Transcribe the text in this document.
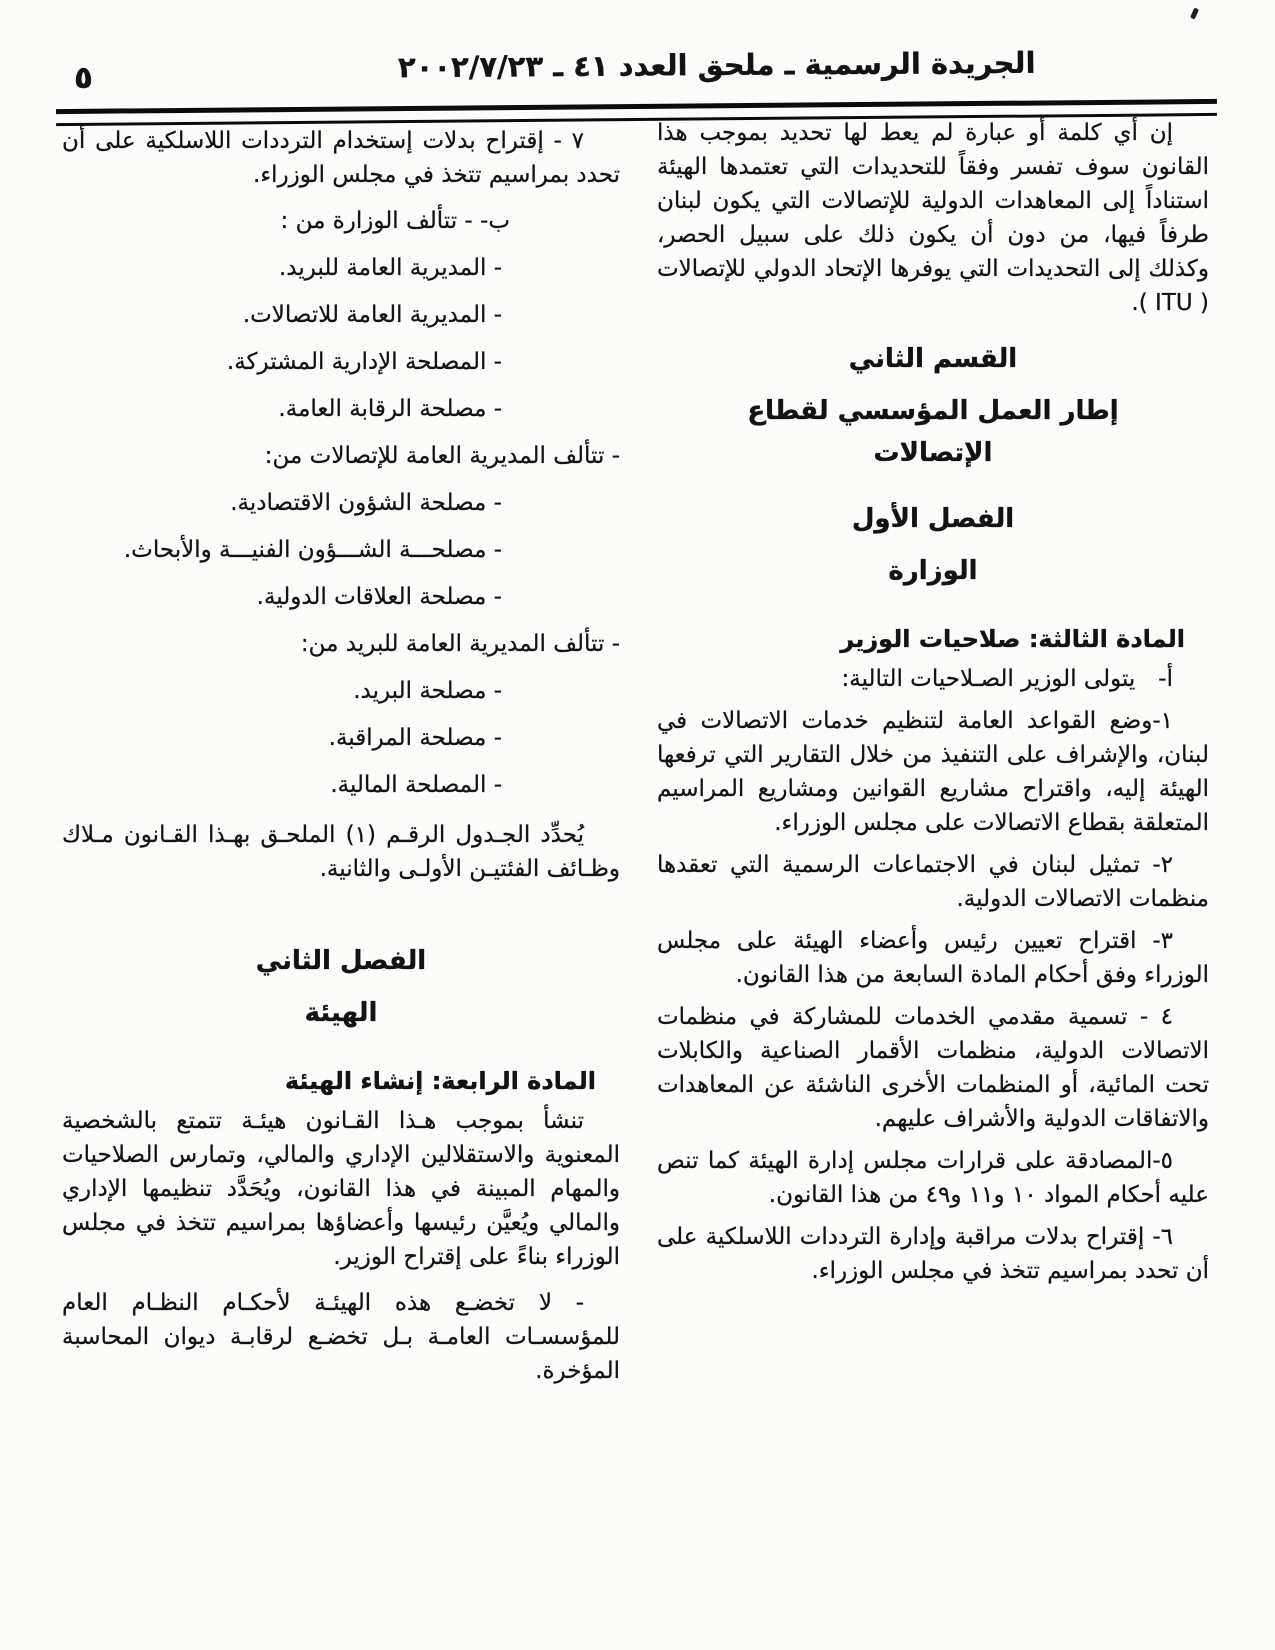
الجريدة الرسمية ـ ملحق العدد ٤١ ـ ٢٠٠٢/٧/٢٣
٥

إن أي كلمة أو عبارة لم يعط لها تحديد بموجب هذا القانون سوف تفسر وفقاً للتحديدات التي تعتمدها الهيئة استناداً إلى المعاهدات الدولية للإتصالات التي يكون لبنان طرفاً فيها، من دون أن يكون ذلك على سبيل الحصر، وكذلك إلى التحديدات التي يوفرها الإتحاد الدولي للإتصالات ( ITU ).

القسم الثاني
إطار العمل المؤسسي لقطاع الإتصالات
الفصل الأول
الوزارة

المادة الثالثة: صلاحيات الوزير

أ- يتولى الوزير الصـلاحيات التالية:

١-وضع القواعد العامة لتنظيم خدمات الاتصالات في لبنان، والإشراف على التنفيذ من خلال التقارير التي ترفعها الهيئة إليه، واقتراح مشاريع القوانين ومشاريع المراسيم المتعلقة بقطاع الاتصالات على مجلس الوزراء.

٢- تمثيل لبنان في الاجتماعات الرسمية التي تعقدها منظمات الاتصالات الدولية.

٣- اقتراح تعيين رئيس وأعضاء الهيئة على مجلس الوزراء وفق أحكام المادة السابعة من هذا القانون.

٤ - تسمية مقدمي الخدمات للمشاركة في منظمات الاتصالات الدولية، منظمات الأقمار الصناعية والكابلات تحت المائية، أو المنظمات الأخرى الناشئة عن المعاهدات والاتفاقات الدولية والأشراف عليهم.

٥-المصادقة على قرارات مجلس إدارة الهيئة كما تنص عليه أحكام المواد ١٠ و١١ و٤٩ من هذا القانون.

٦- إقتراح بدلات مراقبة وإدارة الترددات اللاسلكية على أن تحدد بمراسيم تتخذ في مجلس الوزراء.

٧ - إقتراح بدلات إستخدام الترددات اللاسلكية على أن تحدد بمراسيم تتخذ في مجلس الوزراء.

ب- - تتألف الوزارة من :

- المديرية العامة للبريد.

- المديرية العامة للاتصالات.

- المصلحة الإدارية المشتركة.

- مصلحة الرقابة العامة.

- تتألف المديرية العامة للإتصالات من:

- مصلحة الشؤون الاقتصادية.

- مصلحـــة الشـــؤون الفنيـــة والأبحاث.

- مصلحة العلاقات الدولية.

- تتألف المديرية العامة للبريد من:

- مصلحة البريد.

- مصلحة المراقبة.

- المصلحة المالية.

يُحدِّد الجـدول الرقـم (١) الملحـق بهـذا القـانون مـلاك وظـائف الفئتيـن الأولـى والثانية.

الفصل الثاني
الهيئة

المادة الرابعة: إنشاء الهيئة

تنشأ بموجب هـذا القـانون هيئـة تتمتع بالشخصية المعنوية والاستقلالين الإداري والمالي، وتمارس الصلاحيات والمهام المبينة في هذا القانون، ويُحَدَّد تنظيمها الإداري والمالي ويُعيَّن رئيسها وأعضاؤها بمراسيم تتخذ في مجلس الوزراء بناءً على إقتراح الوزير.

- لا تخضـع هذه الهيئـة لأحكـام النظـام العام للمؤسسـات العامـة بـل تخضـع لرقابـة ديوان المحاسبة المؤخرة.
